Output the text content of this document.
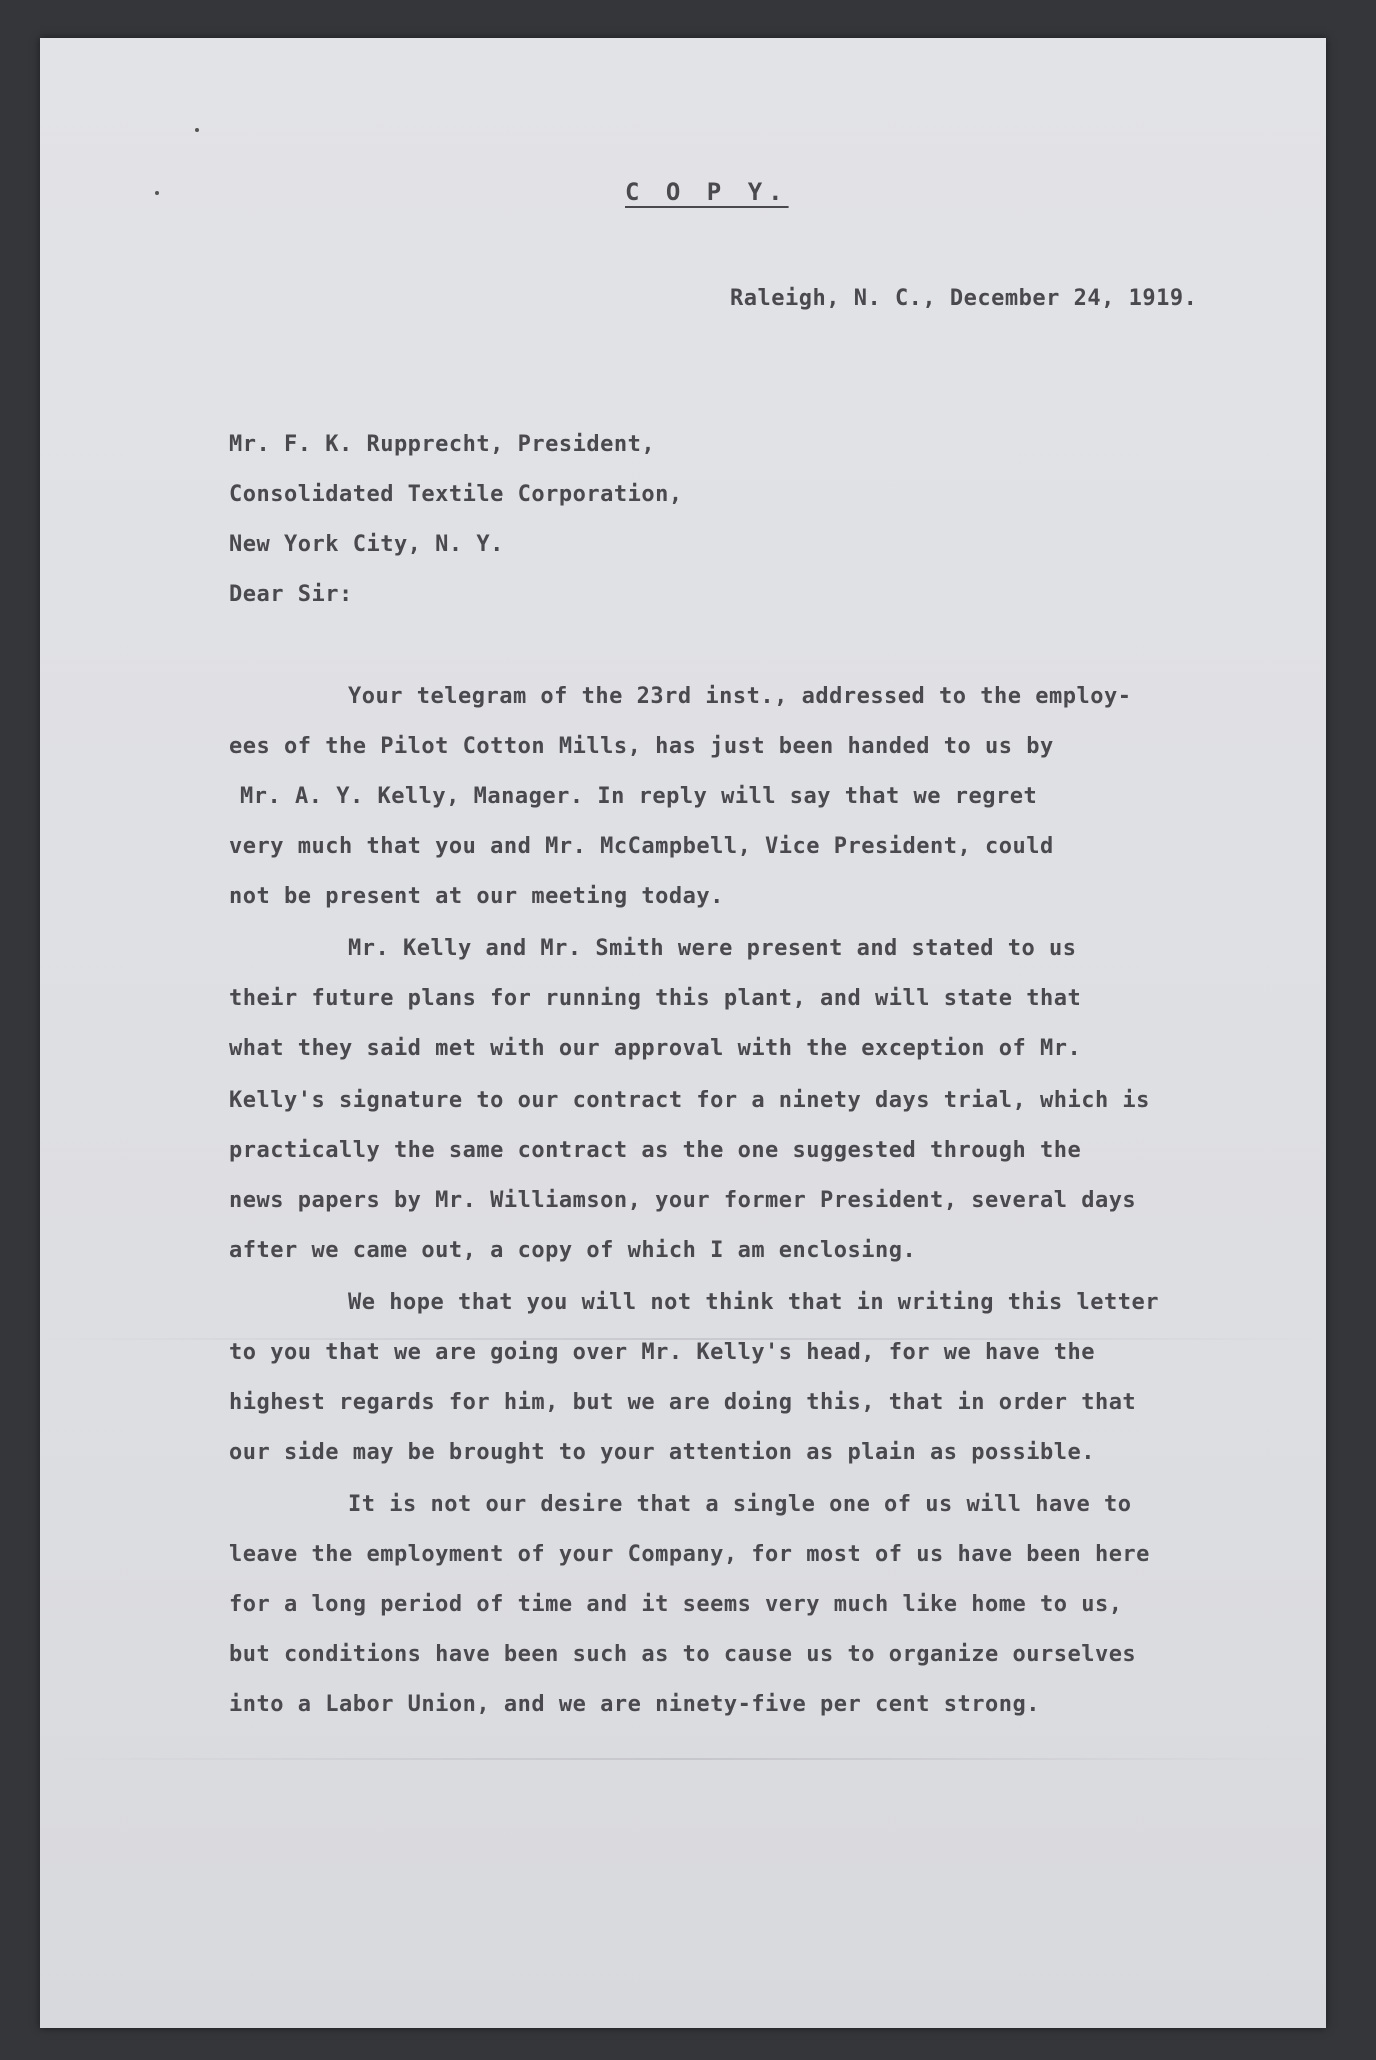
C O P Y.

Raleigh, N. C., December 24, 1919.

Mr. F. K. Rupprecht, President,

Consolidated Textile Corporation,

New York City, N. Y.

Dear Sir:

Your telegram of the 23rd inst., addressed to the employ-

ees of the Pilot Cotton Mills, has just been handed to us by

Mr. A. Y. Kelly, Manager. In reply will say that we regret

very much that you and Mr. McCampbell, Vice President, could

not be present at our meeting today.

Mr. Kelly and Mr. Smith were present and stated to us

their future plans for running this plant, and will state that

what they said met with our approval with the exception of Mr.

Kelly's signature to our contract for a ninety days trial, which is

practically the same contract as the one suggested through the

news papers by Mr. Williamson, your former President, several days

after we came out, a copy of which I am enclosing.

We hope that you will not think that in writing this letter

to you that we are going over Mr. Kelly's head, for we have the

highest regards for him, but we are doing this, that in order that

our side may be brought to your attention as plain as possible.

It is not our desire that a single one of us will have to

leave the employment of your Company, for most of us have been here

for a long period of time and it seems very much like home to us,

but conditions have been such as to cause us to organize ourselves

into a Labor Union, and we are ninety-five per cent strong.
